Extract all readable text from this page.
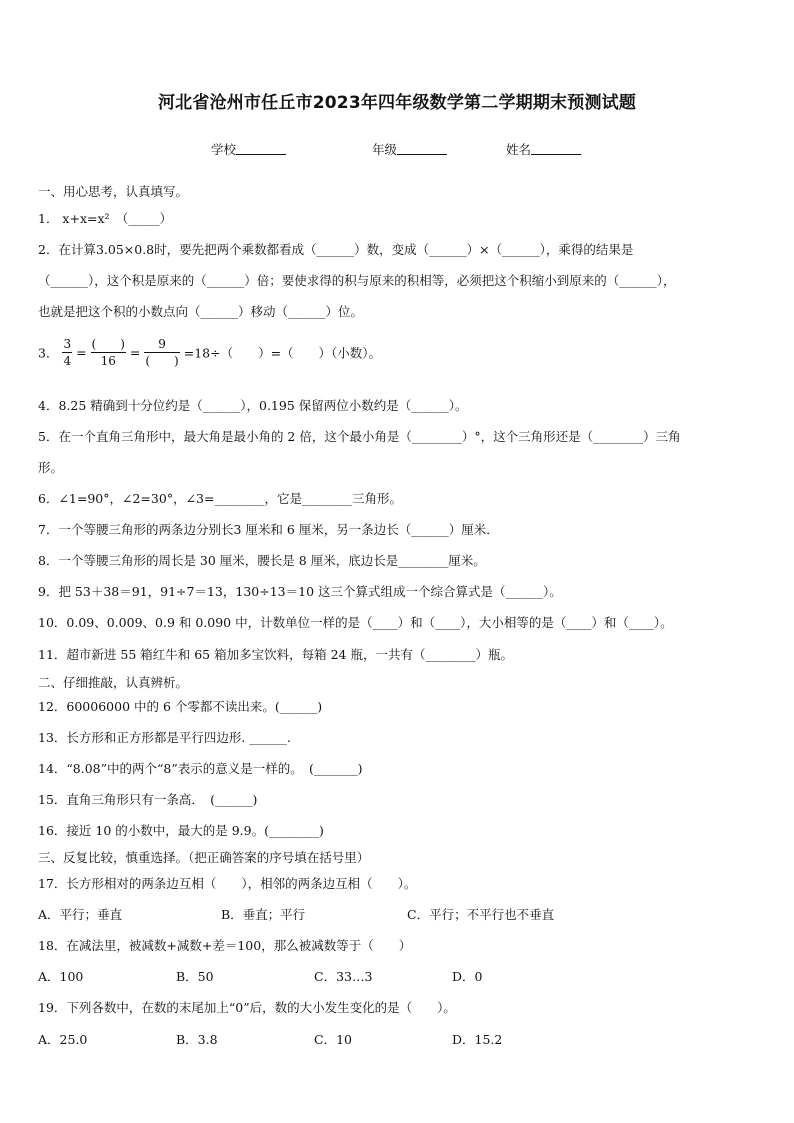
河北省沧州市任丘市2023年四年级数学第二学期期末预测试题
学校	年级	姓名
一、用心思考，认真填写。
1． x+x=x²　（_____）
2．在计算3.05×0.8时，要先把两个乘数都看成（______）数，变成（______）×（______），乘得的结果是
（______），这个积是原来的（______）倍；要使求得的积与原来的积相等，必须把这个积缩小到原来的（______），
也就是把这个积的小数点向（______）移动（______）位。
3． $\frac{3}{4} = \frac{( )}{16} = \frac{9}{( )} =18\div$（　　）=（　　）（小数）。
4．8.25 精确到十分位约是（______），0.195 保留两位小数约是（______）。
5．在一个直角三角形中，最大角是最小角的 2 倍，这个最小角是（________）°，这个三角形还是（________）三角
形。
6．∠1=90°，∠2=30°，∠3=________，它是________三角形。
7．一个等腰三角形的两条边分别长3 厘米和 6 厘米，另一条边长（______）厘米．
8．一个等腰三角形的周长是 30 厘米，腰长是 8 厘米，底边长是________厘米。
9．把 53＋38＝91，91÷7＝13，130÷13＝10 这三个算式组成一个综合算式是（______）。
10．0.09、0.009、0.9 和 0.090 中，计数单位一样的是（____）和（____），大小相等的是（____）和（____）。
11．超市新进 55 箱红牛和 65 箱加多宝饮料，每箱 24 瓶，一共有（________）瓶。
二、仔细推敲，认真辨析。
12．60006000 中的 6 个零都不读出来。(______)
13．长方形和正方形都是平行四边形. ______.
14．“8.08”中的两个“8”表示的意义是一样的。　(_______)
15．直角三角形只有一条高．　(______)
16．接近 10 的小数中，最大的是 9.9。(________)
三、反复比较，慎重选择。（把正确答案的序号填在括号里）
17．长方形相对的两条边互相（　　），相邻的两条边互相（　　）。
A．平行；垂直	B．垂直；平行	C．平行；不平行也不垂直
18．在减法里，被减数+减数+差＝100，那么被减数等于（　　）
A．100	B．50	C．33…3	D．0
19．下列各数中，在数的末尾加上“0”后，数的大小发生变化的是（　　）。
A．25.0	B．3.8	C．10	D．15.2
